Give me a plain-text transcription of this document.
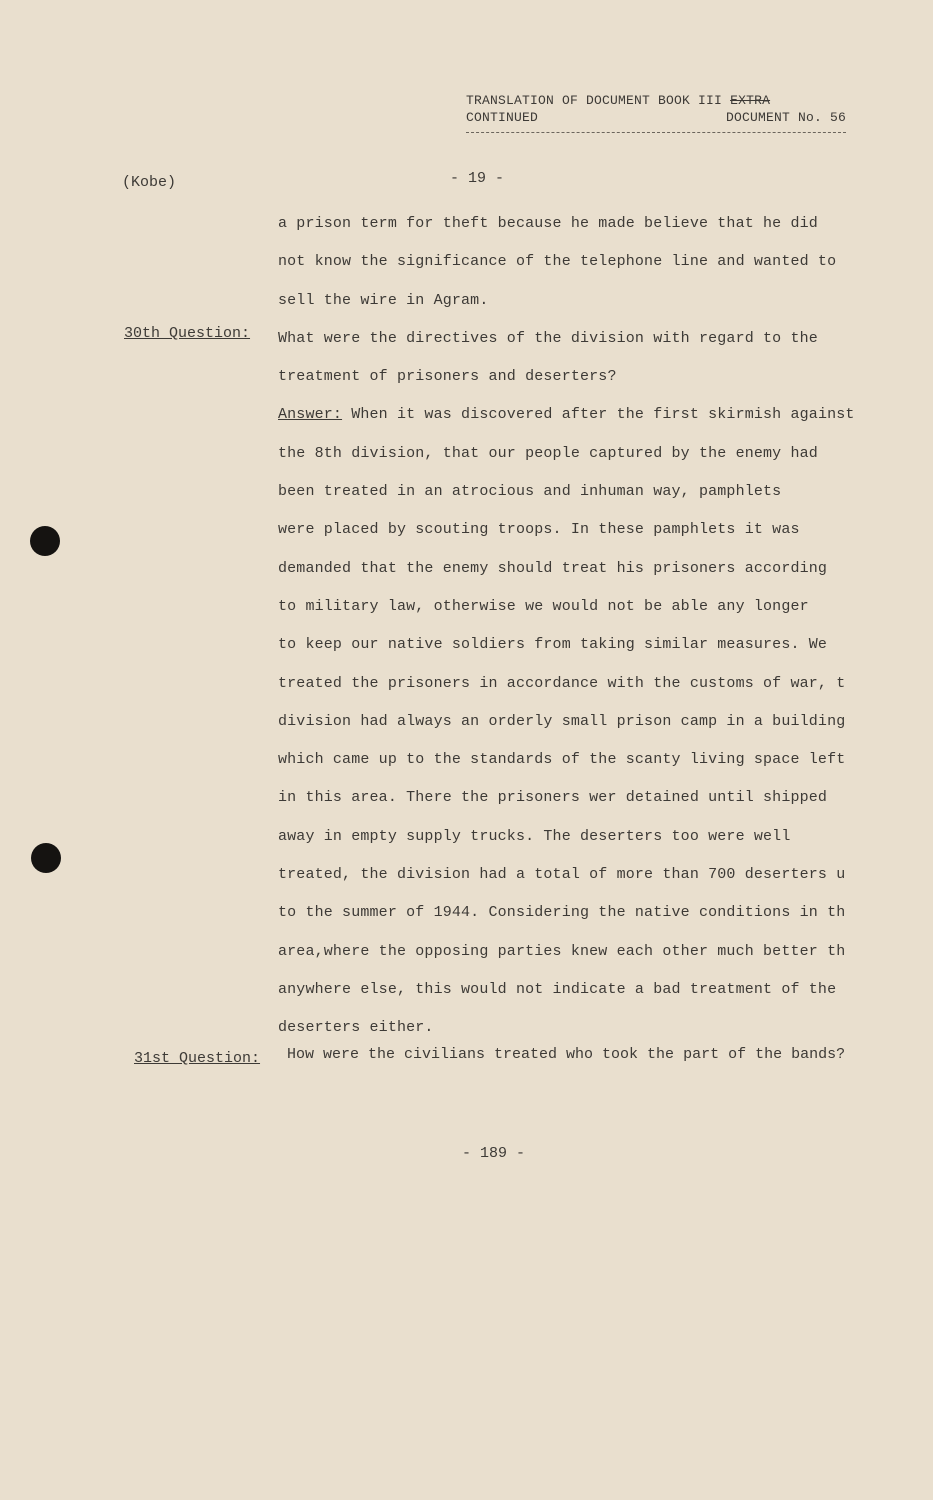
TRANSLATION OF DOCUMENT BOOK III EXTRA
CONTINUED	DOCUMENT No. 56
(Kobe)	- 19 -
30th Question:
31st Question:

a prison term for theft because he made believe that he did

not know the significance of the telephone line and wanted to

sell the wire in Agram.

What were the directives of the division with regard to the

treatment of prisoners and deserters?

Answer: When it was discovered after the first skirmish against

the 8th division, that our people captured by the enemy had

been treated in an atrocious and inhuman way, pamphlets

were placed by scouting troops. In these pamphlets it was

demanded that the enemy should treat his prisoners according

to military law, otherwise we would not be able any longer

to keep our native soldiers from taking similar measures. We

treated the prisoners in accordance with the customs of war, t

division had always an orderly small prison camp in a building

which came up to the standards of the scanty living space left

in this area. There the prisoners wer detained until shipped

away in empty supply trucks. The deserters too were well

treated, the division had a total of more than 700 deserters u

to the summer of 1944. Considering the native conditions in th

area,where the opposing parties knew each other much better th

anywhere else, this would not indicate a bad treatment of the

deserters either.

How were the civilians treated who took the part of the bands?
- 189 -
